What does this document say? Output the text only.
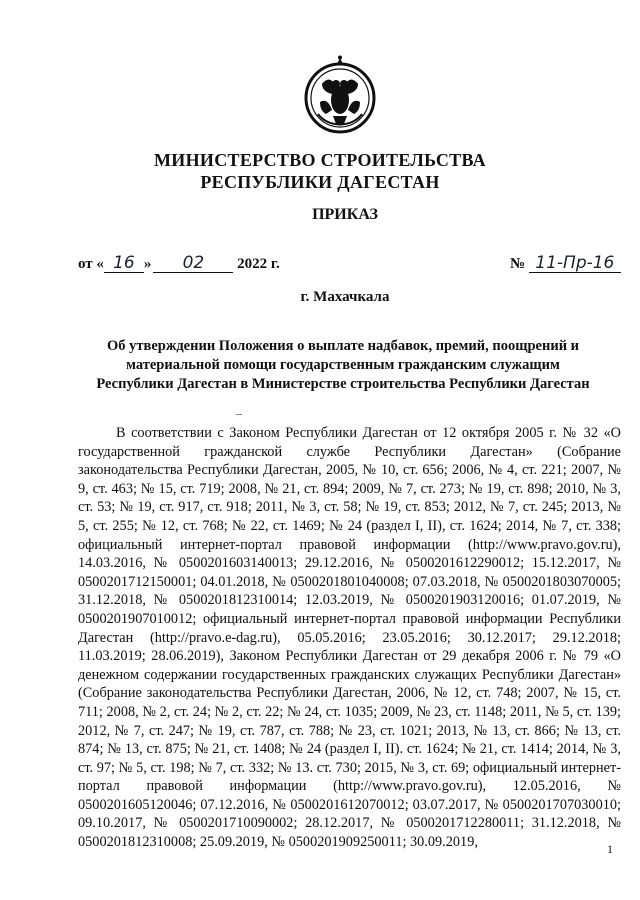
МИНИСТЕРСТВО СТРОИТЕЛЬСТВА
РЕСПУБЛИКИ ДАГЕСТАН
ПРИКАЗ
от « 16 » 02 2022 г.	№ 11-Пр-16
г. Махачкала
Об утверждении Положения о выплате надбавок, премий, поощрений и материальной помощи государственным гражданским служащим Республики Дагестан в Министерстве строительства Республики Дагестан
В соответствии с Законом Республики Дагестан от 12 октября 2005 г. № 32 «О государственной гражданской службе Республики Дагестан» (Собрание законодательства Республики Дагестан, 2005, № 10, ст. 656; 2006, № 4, ст. 221; 2007, № 9, ст. 463; № 15, ст. 719; 2008, № 21, ст. 894; 2009, № 7, ст. 273; № 19, ст. 898; 2010, № 3, ст. 53; № 19, ст. 917, ст. 918; 2011, № 3, ст. 58; № 19, ст. 853; 2012, № 7, ст. 245; 2013, № 5, ст. 255; № 12, ст. 768; № 22, ст. 1469; № 24 (раздел I, II), ст. 1624; 2014, № 7, ст. 338; официальный интернет-портал правовой информации (http://www.pravo.gov.ru), 14.03.2016, № 0500201603140013; 29.12.2016, № 0500201612290012; 15.12.2017, № 0500201712150001; 04.01.2018, № 0500201801040008; 07.03.2018, № 0500201803070005; 31.12.2018, № 0500201812310014; 12.03.2019, № 0500201903120016; 01.07.2019, № 0500201907010012; официальный интернет-портал правовой информации Республики Дагестан (http://pravo.e-dag.ru), 05.05.2016; 23.05.2016; 30.12.2017; 29.12.2018; 11.03.2019; 28.06.2019), Законом Республики Дагестан от 29 декабря 2006 г. № 79 «О денежном содержании государственных гражданских служащих Республики Дагестан» (Собрание законодательства Республики Дагестан, 2006, № 12, ст. 748; 2007, № 15, ст. 711; 2008, № 2, ст. 24; № 2, ст. 22; № 24, ст. 1035; 2009, № 23, ст. 1148; 2011, № 5, ст. 139; 2012, № 7, ст. 247; № 19, ст. 787, ст. 788; № 23, ст. 1021; 2013, № 13, ст. 866; № 13, ст. 874; № 13, ст. 875; № 21, ст. 1408; № 24 (раздел I, II). ст. 1624; № 21, ст. 1414; 2014, № 3, ст. 97; № 5, ст. 198; № 7, ст. 332; № 13. ст. 730; 2015, № 3, ст. 69; официальный интернет-портал правовой информации (http://www.pravo.gov.ru), 12.05.2016, № 0500201605120046; 07.12.2016, № 0500201612070012; 03.07.2017, № 0500201707030010; 09.10.2017, № 0500201710090002; 28.12.2017, № 0500201712280011; 31.12.2018, № 0500201812310008; 25.09.2019, № 0500201909250011; 30.09.2019,	1
